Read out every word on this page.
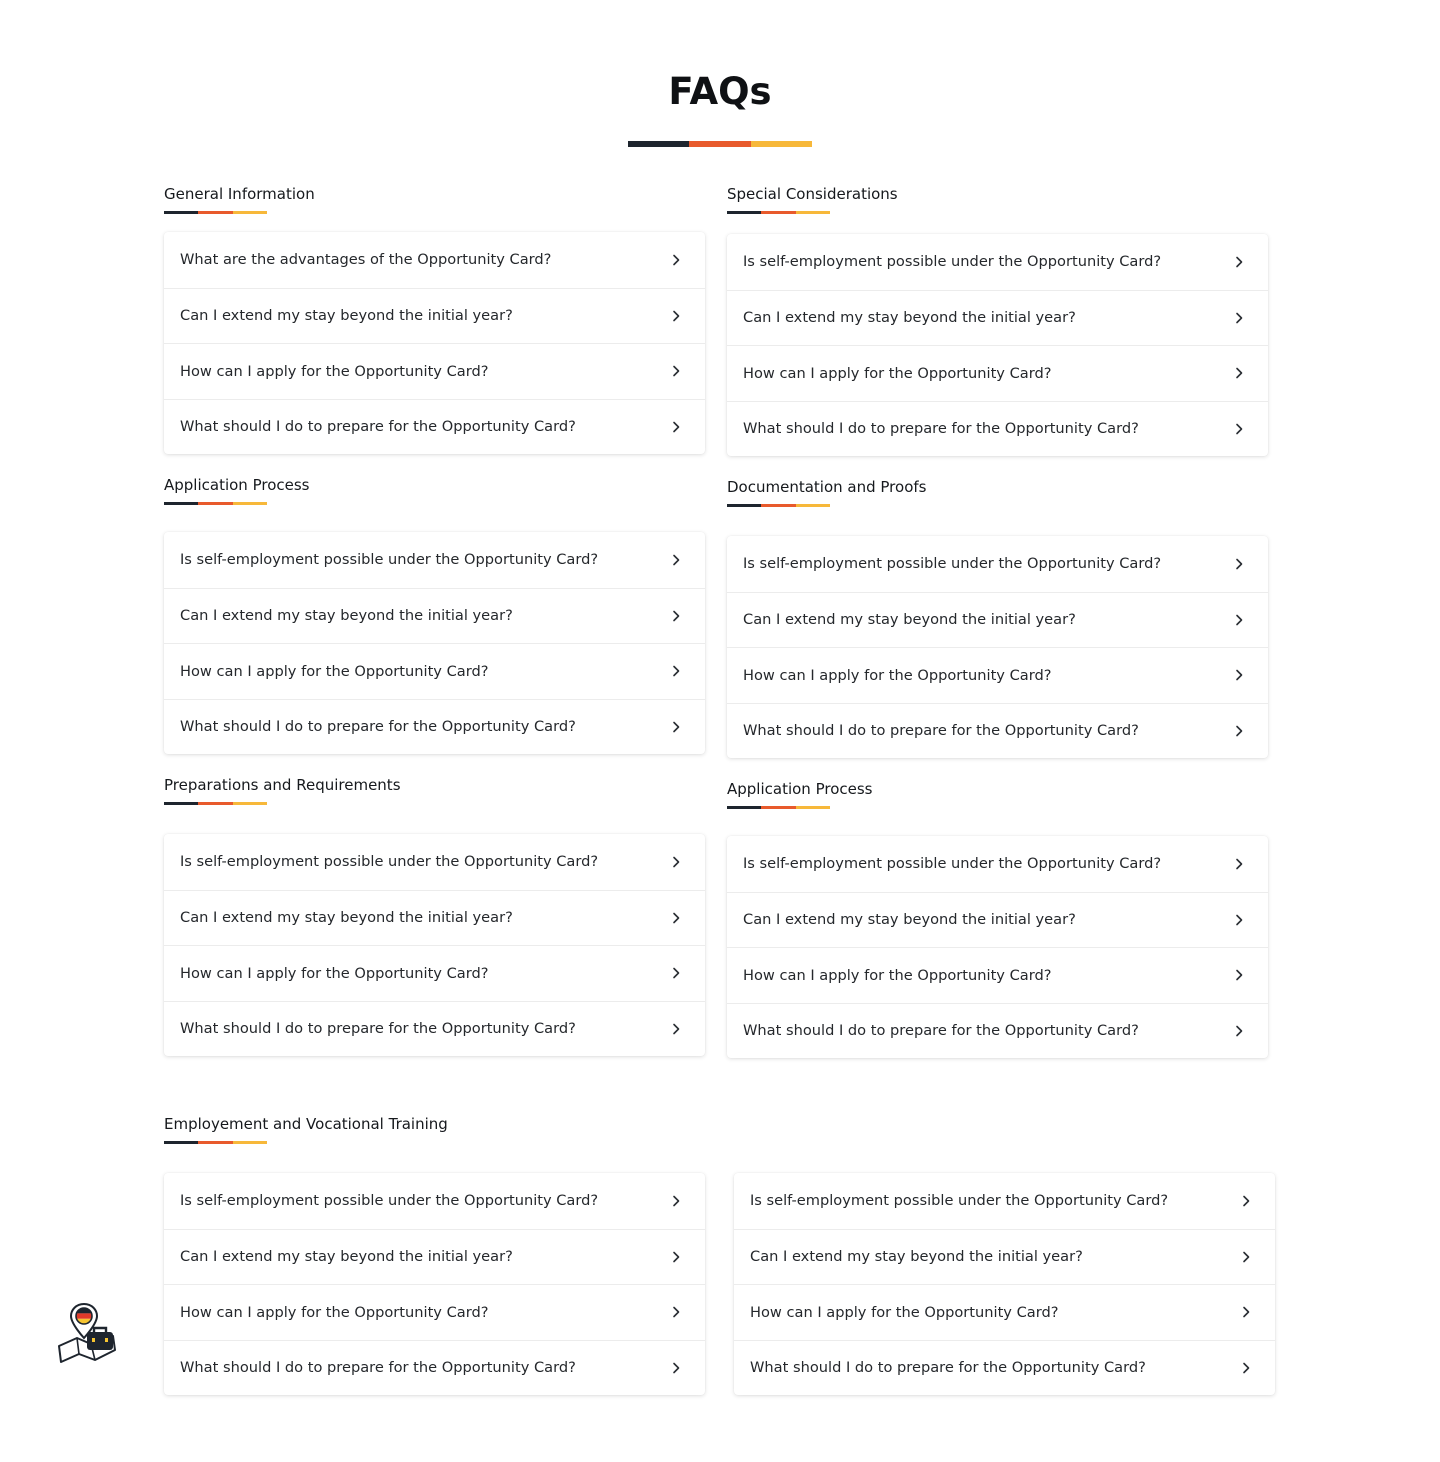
FAQs
General Information	Special Considerations
Application Process	Documentation and Proofs
Preparations and Requirements	Application Process
Employement and Vocational Training
What are the advantages of the Opportunity Card?
Can I extend my stay beyond the initial year?
How can I apply for the Opportunity Card?
What should I do to prepare for the Opportunity Card?
Is self-employment possible under the Opportunity Card?
Can I extend my stay beyond the initial year?
How can I apply for the Opportunity Card?
What should I do to prepare for the Opportunity Card?
Is self-employment possible under the Opportunity Card?
Can I extend my stay beyond the initial year?
How can I apply for the Opportunity Card?
What should I do to prepare for the Opportunity Card?
Is self-employment possible under the Opportunity Card?
Can I extend my stay beyond the initial year?
How can I apply for the Opportunity Card?
What should I do to prepare for the Opportunity Card?
Is self-employment possible under the Opportunity Card?
Can I extend my stay beyond the initial year?
How can I apply for the Opportunity Card?
What should I do to prepare for the Opportunity Card?
Is self-employment possible under the Opportunity Card?
Can I extend my stay beyond the initial year?
How can I apply for the Opportunity Card?
What should I do to prepare for the Opportunity Card?
Is self-employment possible under the Opportunity Card?
Can I extend my stay beyond the initial year?
How can I apply for the Opportunity Card?
What should I do to prepare for the Opportunity Card?
Is self-employment possible under the Opportunity Card?
Can I extend my stay beyond the initial year?
How can I apply for the Opportunity Card?
What should I do to prepare for the Opportunity Card?
